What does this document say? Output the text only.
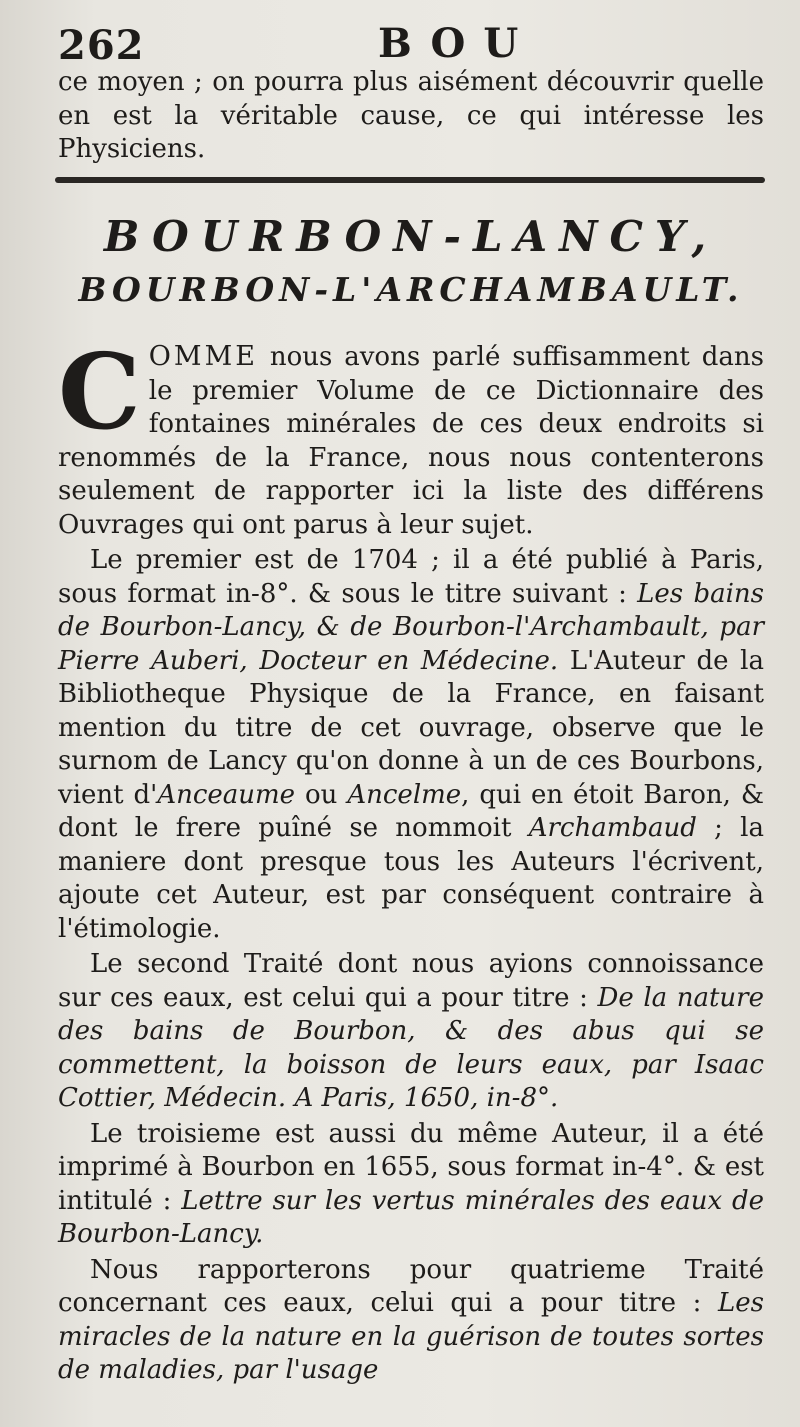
262	BOU

ce moyen ; on pourra plus aisément découvrir quelle en est la véritable cause, ce qui intéresse les Physiciens.

BOURBON-LANCY,
BOURBON-L'ARCHAMBAULT.

COMME nous avons parlé suffisamment dans le premier Volume de ce Dictionnaire des fontaines minérales de ces deux endroits si renommés de la France, nous nous contenterons seulement de rapporter ici la liste des différens Ouvrages qui ont parus à leur sujet.

Le premier est de 1704 ; il a été publié à Paris, sous format in-8°. & sous le titre suivant : Les bains de Bourbon-Lancy, & de Bourbon-l'Archambault, par Pierre Auberi, Docteur en Médecine. L'Auteur de la Bibliotheque Physique de la France, en faisant mention du titre de cet ouvrage, observe que le surnom de Lancy qu'on donne à un de ces Bourbons, vient d'Anceaume ou Ancelme, qui en étoit Baron, & dont le frere puîné se nommoit Archambaud ; la maniere dont presque tous les Auteurs l'écrivent, ajoute cet Auteur, est par conséquent contraire à l'étimologie.

Le second Traité dont nous ayions connoissance sur ces eaux, est celui qui a pour titre : De la nature des bains de Bourbon, & des abus qui se commettent, la boisson de leurs eaux, par Isaac Cottier, Médecin. A Paris, 1650, in-8°.

Le troisieme est aussi du même Auteur, il a été imprimé à Bourbon en 1655, sous format in-4°. & est intitulé : Lettre sur les vertus minérales des eaux de Bourbon-Lancy.

Nous rapporterons pour quatrieme Traité concernant ces eaux, celui qui a pour titre : Les miracles de la nature en la guérison de toutes sortes de maladies, par l'usage
